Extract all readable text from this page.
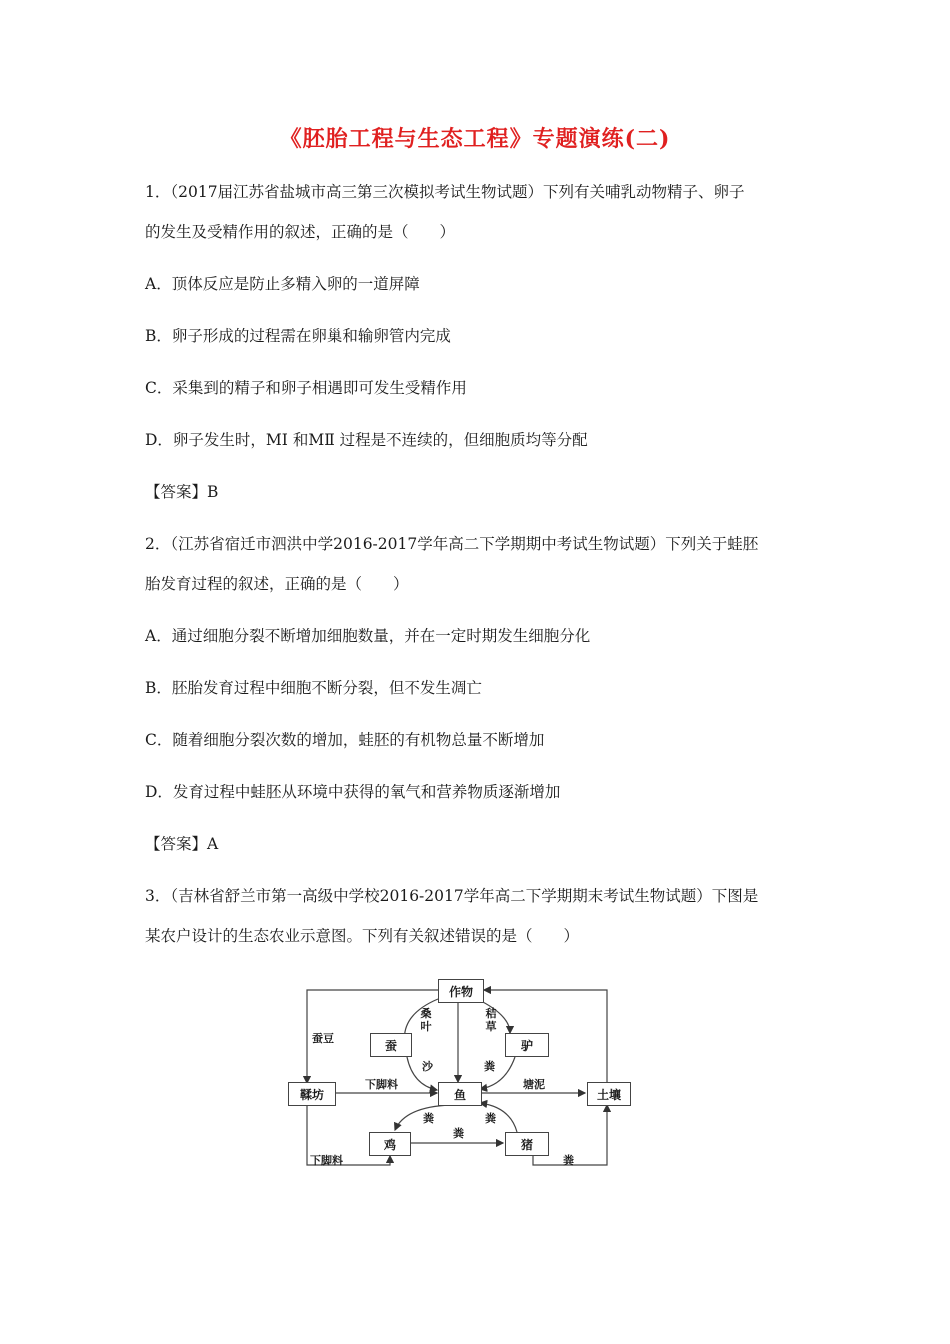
《胚胎工程与生态工程》专题演练(二)
1．（2017届江苏省盐城市高三第三次模拟考试生物试题）下列有关哺乳动物精子、卵子
的发生及受精作用的叙述，正确的是（　　）
A．顶体反应是防止多精入卵的一道屏障
B．卵子形成的过程需在卵巢和输卵管内完成
C．采集到的精子和卵子相遇即可发生受精作用
D．卵子发生时，MⅠ 和MⅡ 过程是不连续的，但细胞质均等分配
【答案】B
2．（江苏省宿迁市泗洪中学2016-2017学年高二下学期期中考试生物试题）下列关于蛙胚
胎发育过程的叙述，正确的是（　　）
A．通过细胞分裂不断增加细胞数量，并在一定时期发生细胞分化
B．胚胎发育过程中细胞不断分裂，但不发生凋亡
C．随着细胞分裂次数的增加，蛙胚的有机物总量不断增加
D．发育过程中蛙胚从环境中获得的氧气和营养物质逐渐增加
【答案】A
3．（吉林省舒兰市第一高级中学校2016-2017学年高二下学期期末考试生物试题）下图是
某农户设计的生态农业示意图。下列有关叙述错误的是（　　）
作物
蚕	驴
鞣坊	鱼	土壤
鸡	猪
蚕豆
桑
叶
秸
草
沙	粪
下脚料	塘泥
粪
粪
粪
下脚料	粪
